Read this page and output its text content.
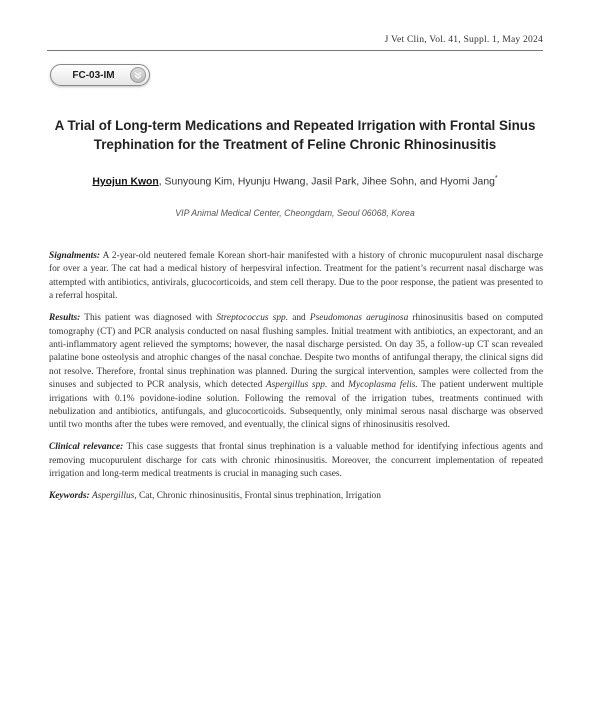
J Vet Clin, Vol. 41, Suppl. 1, May 2024
FC-03-IM
A Trial of Long-term Medications and Repeated Irrigation with Frontal Sinus
Trephination for the Treatment of Feline Chronic Rhinosinusitis
Hyojun Kwon, Sunyoung Kim, Hyunju Hwang, Jasil Park, Jihee Sohn, and Hyomi Jang*
VIP Animal Medical Center, Cheongdam, Seoul 06068, Korea

Signalments: A 2-year-old neutered female Korean short-hair manifested with a history of chronic mucopurulent nasal discharge for over a year. The cat had a medical history of herpesviral infection. Treatment for the patient’s recurrent nasal discharge was attempted with antibiotics, antivirals, glucocorticoids, and stem cell therapy. Due to the poor response, the patient was presented to a referral hospital.

Results: This patient was diagnosed with Streptococcus spp. and Pseudomonas aeruginosa rhinosinusitis based on computed tomography (CT) and PCR analysis conducted on nasal flushing samples. Initial treatment with antibiotics, an expectorant, and an anti-inflammatory agent relieved the symptoms; however, the nasal discharge persisted. On day 35, a follow-up CT scan revealed palatine bone osteolysis and atrophic changes of the nasal conchae. Despite two months of antifungal therapy, the clinical signs did not resolve. Therefore, frontal sinus trephination was planned. During the surgical intervention, samples were collected from the sinuses and subjected to PCR analysis, which detected Aspergillus spp. and Mycoplasma felis. The patient underwent multiple irrigations with 0.1% povidone-iodine solution. Following the removal of the irrigation tubes, treatments continued with nebulization and antibiotics, antifungals, and glucocorticoids. Subsequently, only minimal serous nasal discharge was observed until two months after the tubes were removed, and eventually, the clinical signs of rhinosinusitis resolved.

Clinical relevance: This case suggests that frontal sinus trephination is a valuable method for identifying infectious agents and removing mucopurulent discharge for cats with chronic rhinosinusitis. Moreover, the concurrent implementation of repeated irrigation and long-term medical treatments is crucial in managing such cases.

Keywords: Aspergillus, Cat, Chronic rhinosinusitis, Frontal sinus trephination, Irrigation
